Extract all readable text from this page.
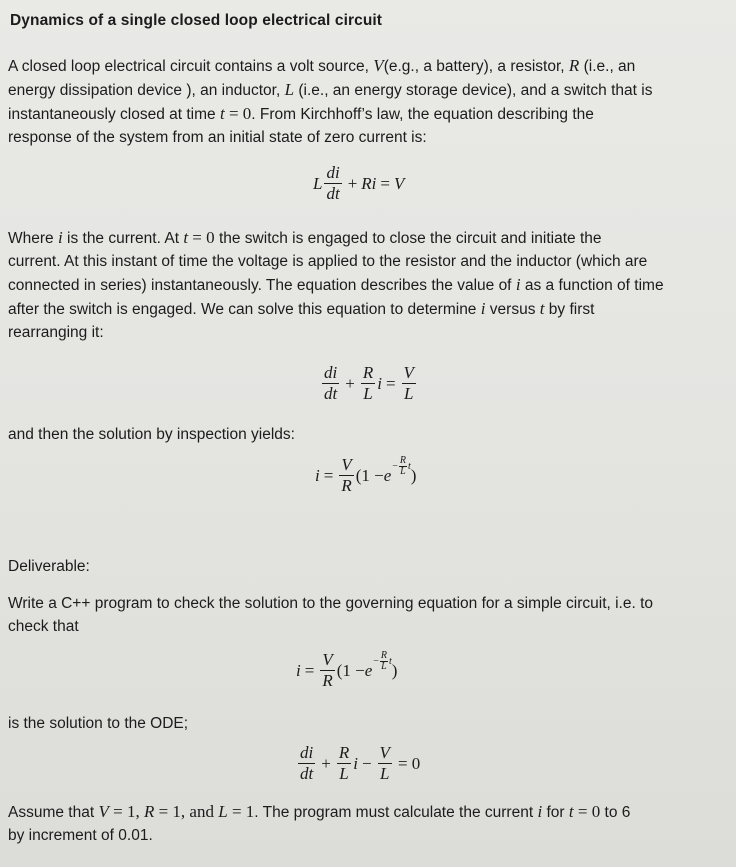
Dynamics of a single closed loop electrical circuit
A closed loop electrical circuit contains a volt source, V(e.g., a battery), a resistor, R (i.e., an
energy dissipation device ), an inductor, L (i.e., an energy storage device), and a switch that is
instantaneously closed at time t = 0. From Kirchhoff’s law, the equation describing the
response of the system from an initial state of zero current is:
L $\frac{di}{dt} + Ri = V$
Where i is the current. At t = 0 the switch is engaged to close the circuit and initiate the
current. At this instant of time the voltage is applied to the resistor and the inductor (which are
connected in series) instantaneously. The equation describes the value of i as a function of time
after the switch is engaged. We can solve this equation to determine i versus t by first
rearranging it:
$\frac{di}{dt} + \frac{R}{L}$ $i = \frac{V}{L}$
and then the solution by inspection yields:
$i = \frac{V}{R} (1 - e - \frac{R}{L}$ t )
Deliverable:
Write a C++ program to check the solution to the governing equation for a simple circuit, i.e. to
check that
$i = \frac{V}{R} (1 - e - \frac{R}{L}$ t )
is the solution to the ODE;
$\frac{di}{dt} + \frac{R}{L}$ $i - \frac{V}{L} = 0$
Assume that V = 1, R = 1, and L = 1. The program must calculate the current i for t = 0 to 6
by increment of 0.01.
